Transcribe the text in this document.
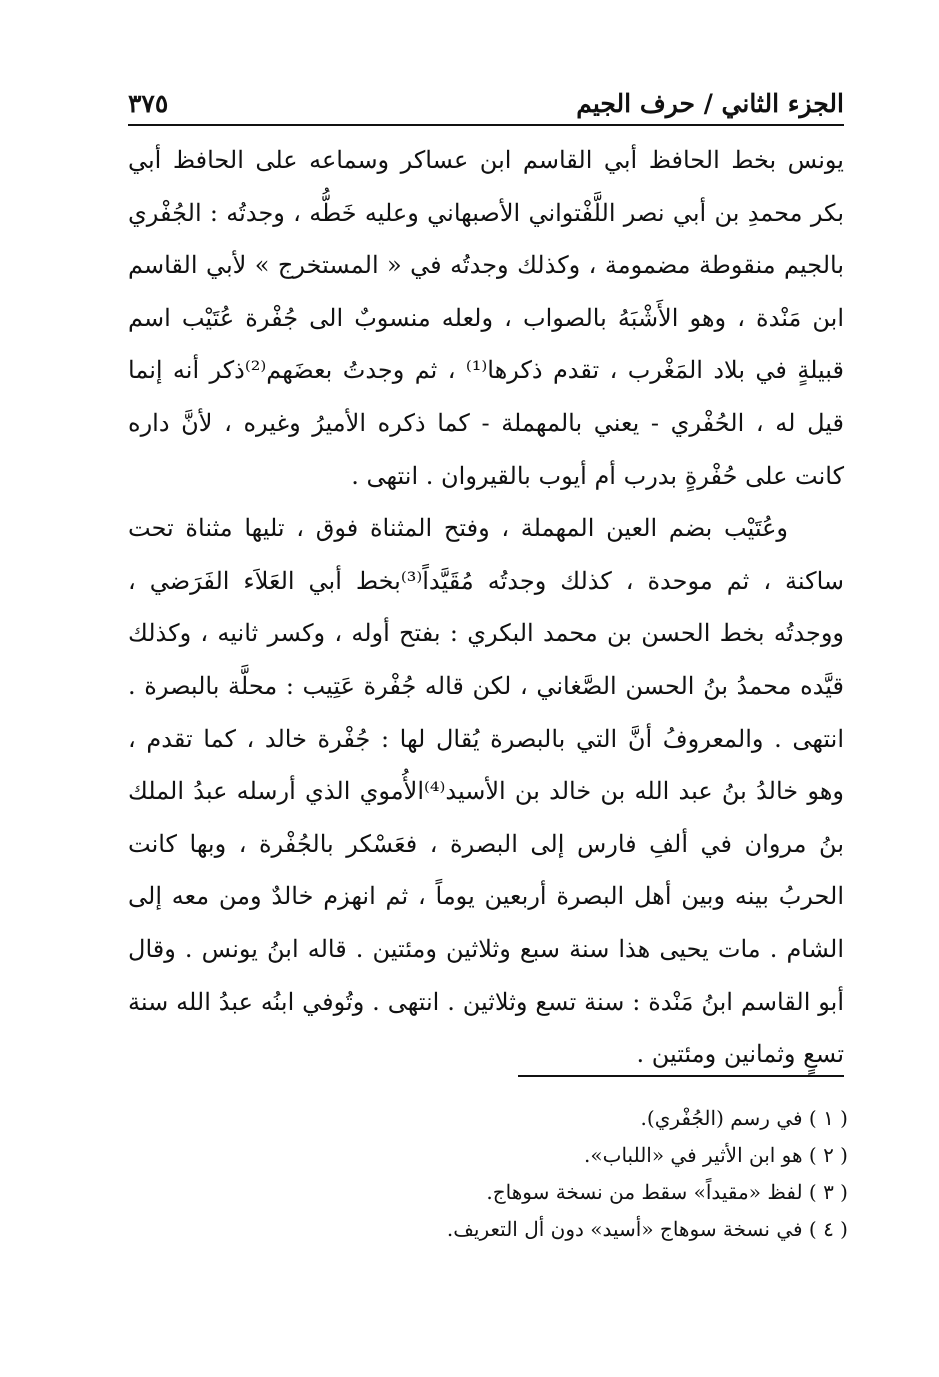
الجزء الثاني / حرف الجيم
٣٧٥

يونس بخط الحافظ أبي القاسم ابن عساكر وسماعه على الحافظ أبي بكر محمدِ بن أبي نصر اللَّفْتواني الأصبهاني وعليه خَطُّه ، وجدتُه : الجُفْري بالجيم منقوطة مضمومة ، وكذلك وجدتُه في « المستخرج » لأبي القاسم ابن مَنْدة ، وهو الأَشْبَهُ بالصواب ، ولعله منسوبٌ الى جُفْرة عُتَيْب اسم قبيلةٍ في بلاد المَغْرب ، تقدم ذكرها⁽¹⁾ ، ثم وجدتُ بعضَهم⁽²⁾ذكر أنه إنما قيل له ، الحُفْري - يعني بالمهملة - كما ذكره الأميرُ وغيره ، لأنَّ داره كانت على حُفْرةٍ بدرب أم أيوب بالقيروان . انتهى .

وعُتَيْب بضم العين المهملة ، وفتح المثناة فوق ، تليها مثناة تحت ساكنة ، ثم موحدة ، كذلك وجدتُه مُقَيَّداً⁽³⁾بخط أبي العَلاَء الفَرَضي ، ووجدتُه بخط الحسن بن محمد البكري : بفتح أوله ، وكسر ثانيه ، وكذلك قيَّده محمدُ بنُ الحسن الصَّغاني ، لكن قاله جُفْرة عَتِيب : محلَّة بالبصرة . انتهى . والمعروفُ أنَّ التي بالبصرة يُقال لها : جُفْرة خالد ، كما تقدم ، وهو خالدُ بنُ عبد الله بن خالد بن الأسيد⁽⁴⁾الأُموي الذي أرسله عبدُ الملك بنُ مروان في ألفِ فارس إلى البصرة ، فعَسْكر بالجُفْرة ، وبها كانت الحربُ بينه وبين أهل البصرة أربعين يوماً ، ثم انهزم خالدٌ ومن معه إلى الشام . مات يحيى هذا سنة سبع وثلاثين ومئتين . قاله ابنُ يونس . وقال أبو القاسم ابنُ مَنْدة : سنة تسع وثلاثين . انتهى . وتُوفي ابنُه عبدُ الله سنة تسعٍ وثمانين ومئتين .

( ١ ) في رسم (الجُفْري).

( ٢ ) هو ابن الأثير في «اللباب».

( ٣ ) لفظ «مقيداً» سقط من نسخة سوهاج.

( ٤ ) في نسخة سوهاج «أسيد» دون أل التعريف.
